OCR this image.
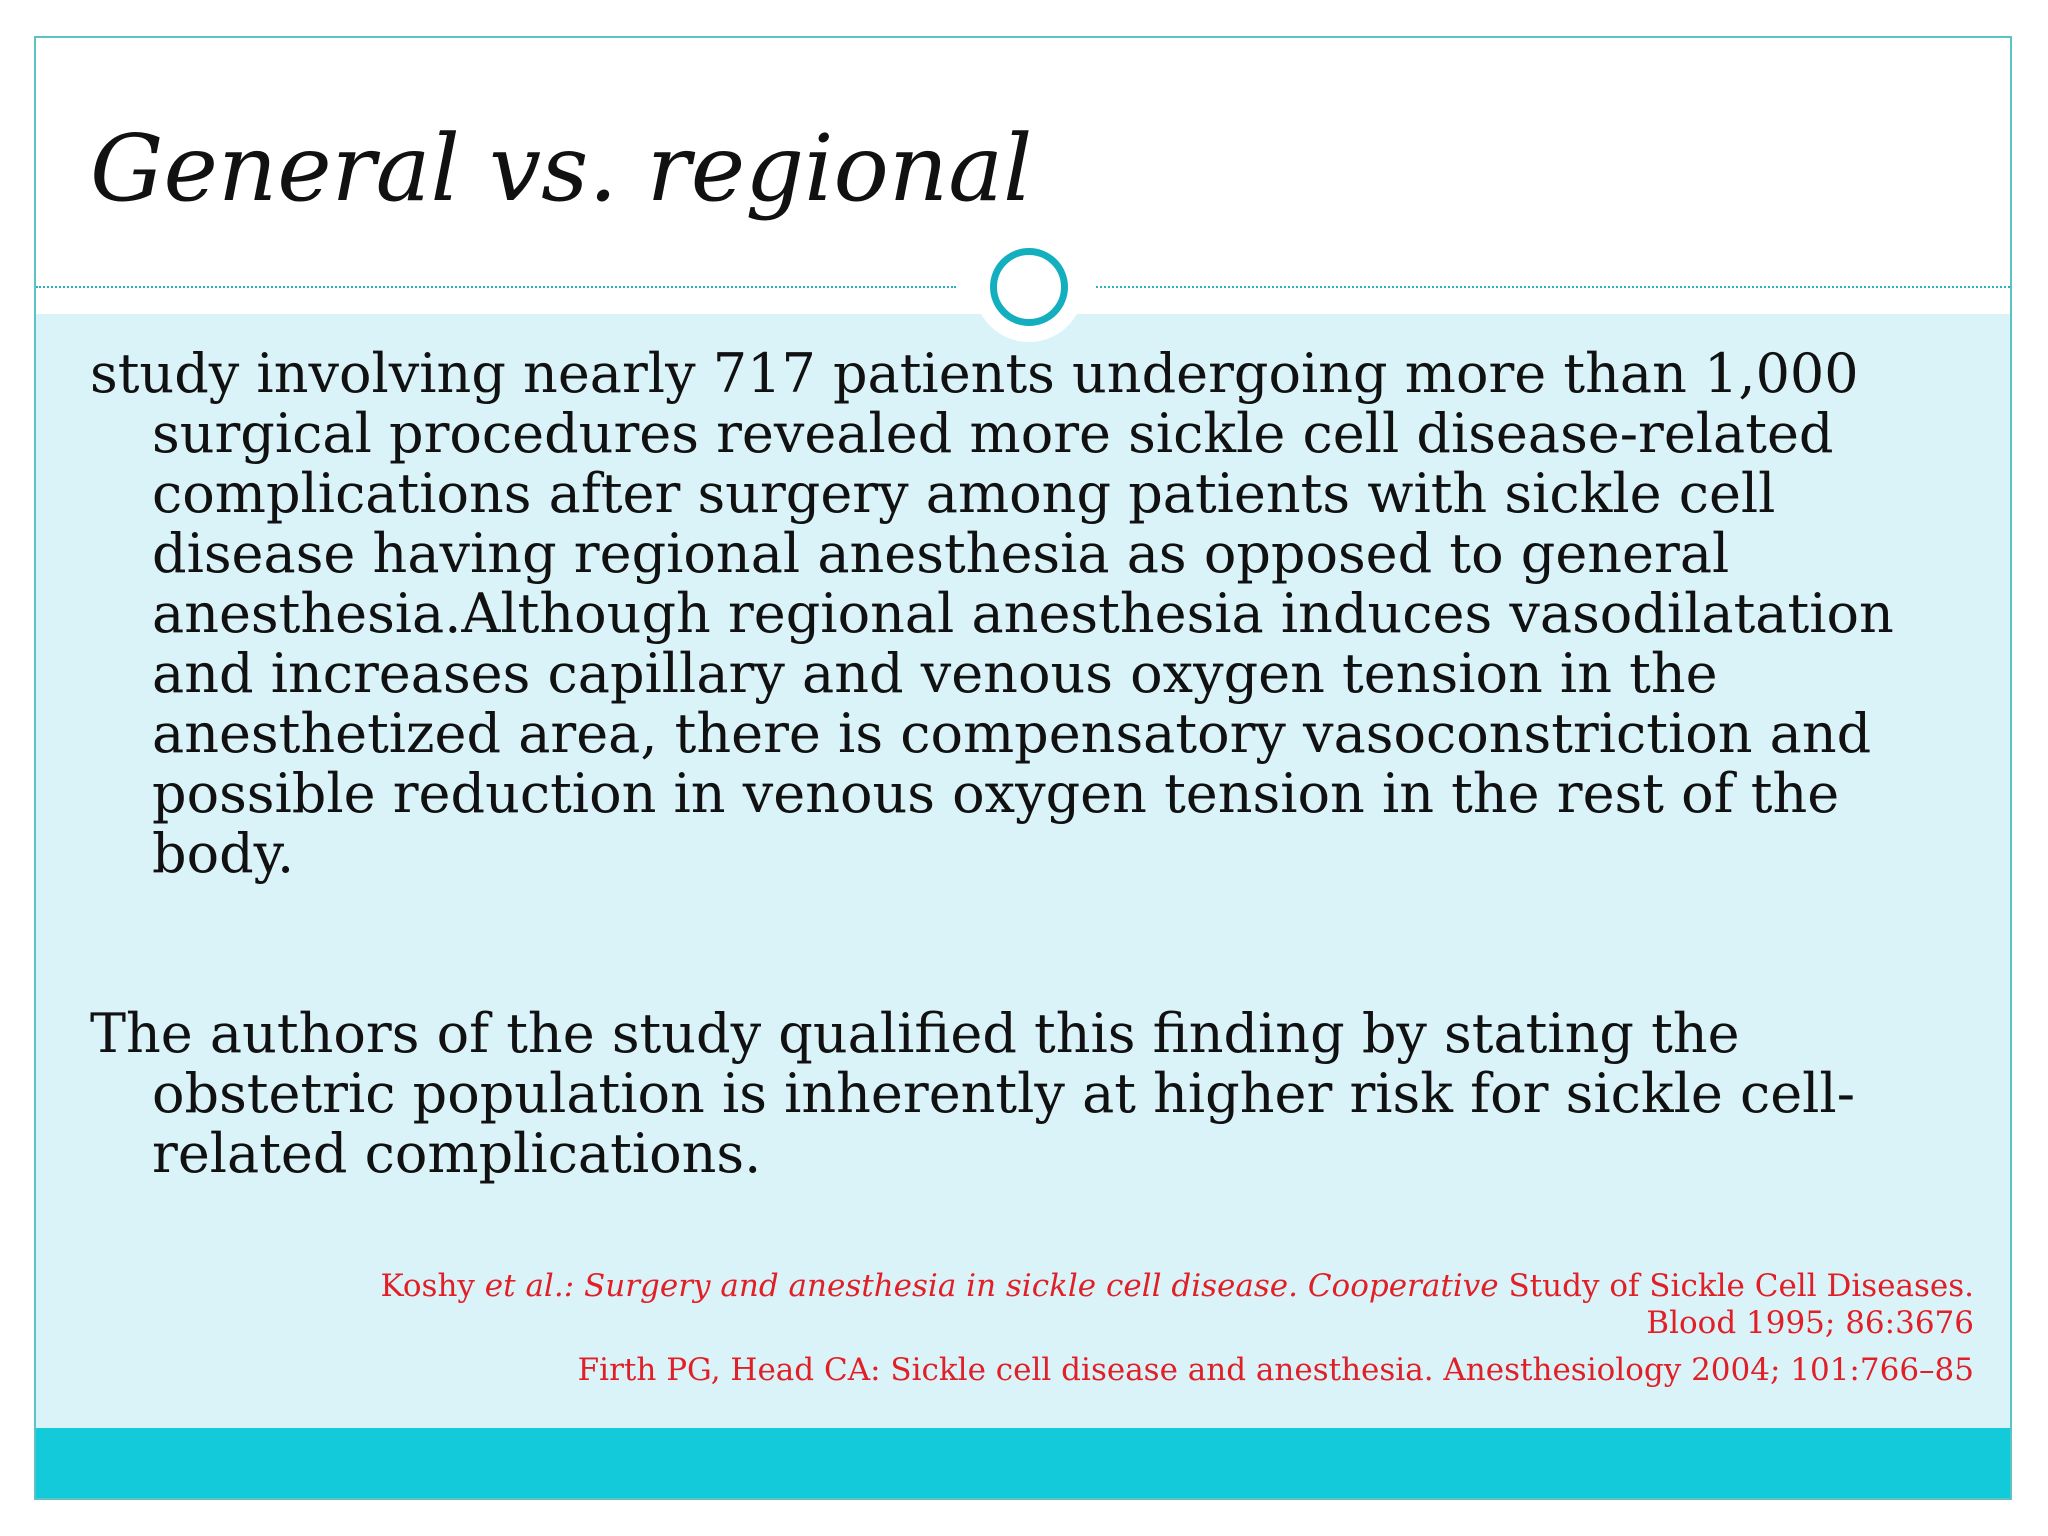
General vs. regional

study involving nearly 717 patients undergoing more than 1,000 surgical procedures revealed more sickle cell disease-related complications after surgery among patients with sickle cell disease having regional anesthesia as opposed to general anesthesia.Although regional anesthesia induces vasodilatation and increases capillary and venous oxygen tension in the anesthetized area, there is compensatory vasoconstriction and possible reduction in venous oxygen tension in the rest of the body.

The authors of the study qualified this finding by stating the obstetric population is inherently at higher risk for sickle cell-related complications.

Koshy et al.: Surgery and anesthesia in sickle cell disease. Cooperative Study of Sickle Cell Diseases.
Blood 1995; 86:3676
Firth PG, Head CA: Sickle cell disease and anesthesia. Anesthesiology 2004; 101:766–85
